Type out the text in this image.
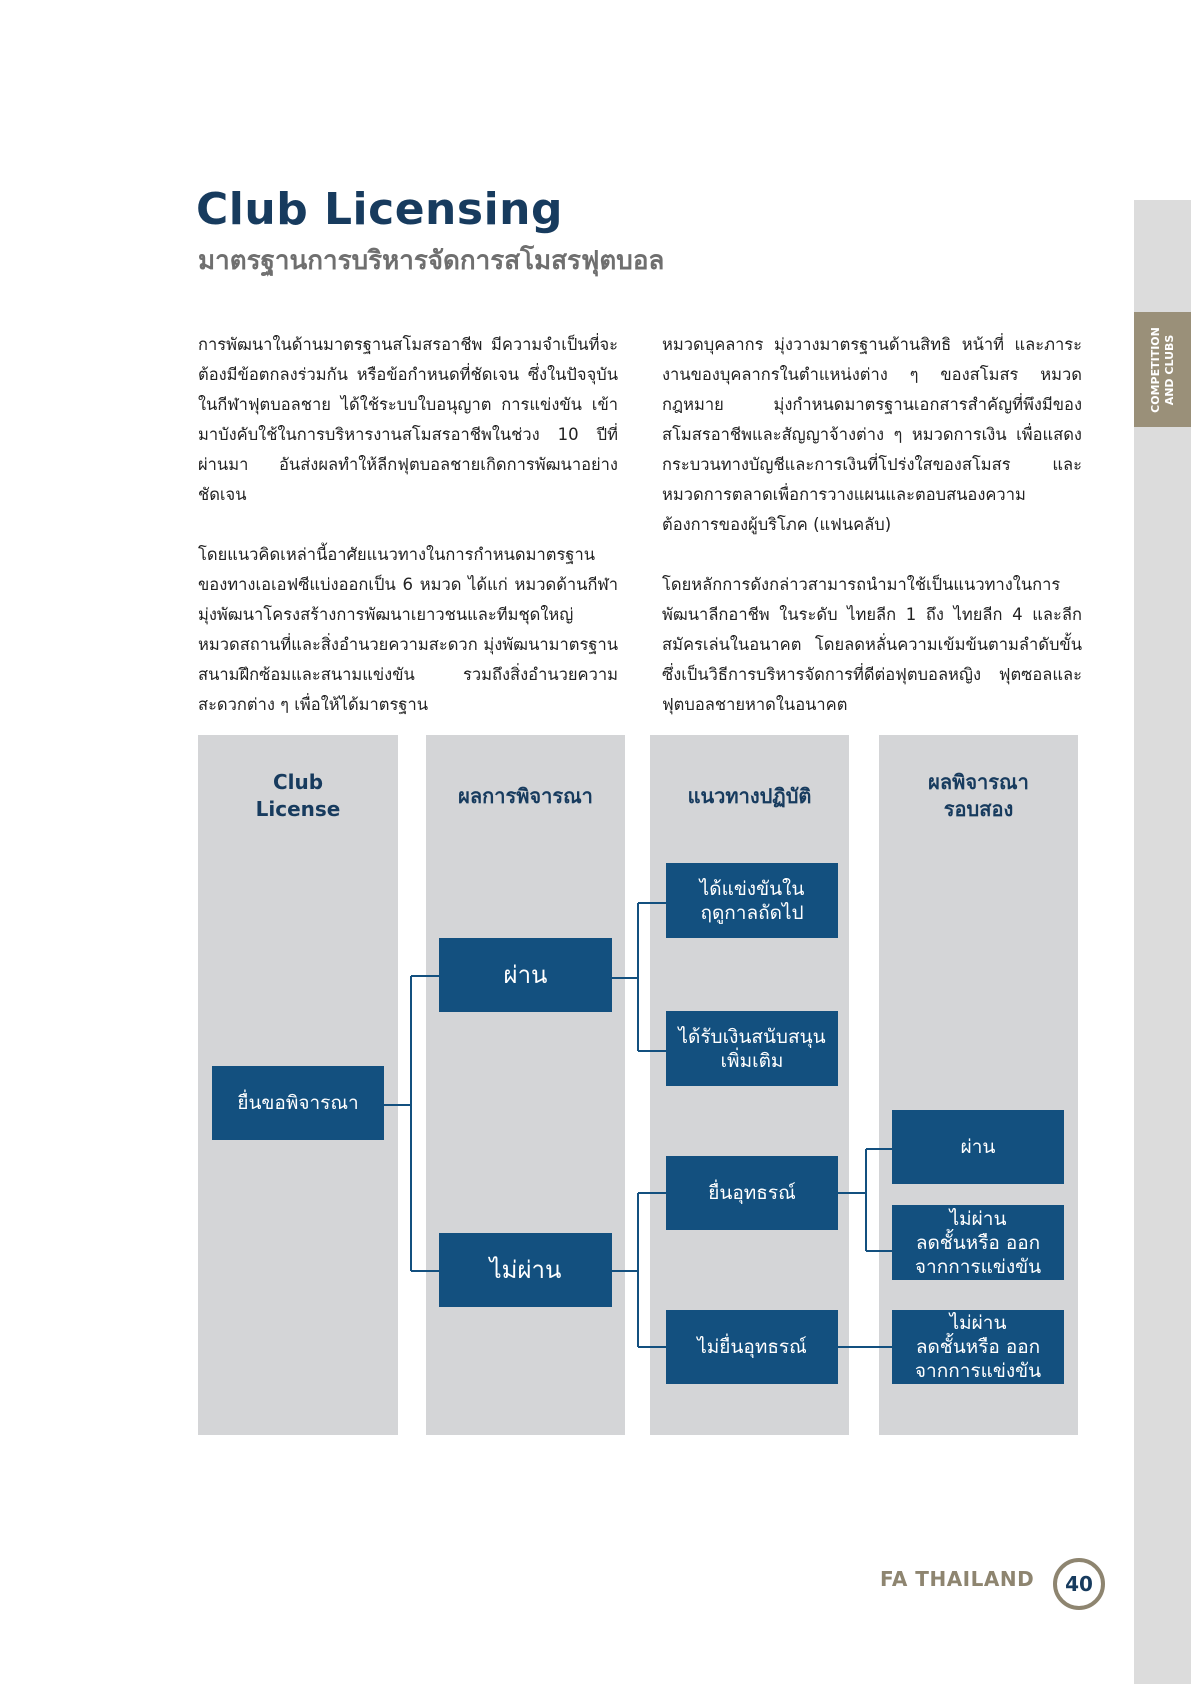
COMPETITION AND CLUBS
Club Licensing
มาตรฐานการบริหารจัดการสโมสรฟุตบอล

การพัฒนาในด้านมาตรฐานสโมสรอาชีพ มีความจำเป็นที่จะต้องมีข้อตกลงร่วมกัน หรือข้อกำหนดที่ชัดเจน ซึ่งในปัจจุบัน ในกีฬาฟุตบอลชาย ได้ใช้ระบบใบอนุญาต การแข่งขัน เข้ามาบังคับใช้ในการบริหารงานสโมสรอาชีพในช่วง 10 ปีที่ผ่านมา อันส่งผลทำให้ลีกฟุตบอลชายเกิดการพัฒนาอย่างชัดเจน

โดยแนวคิดเหล่านี้อาศัยแนวทางในการกำหนดมาตรฐานของทางเอเอฟซีแบ่งออกเป็น 6 หมวด ได้แก่ หมวดด้านกีฬา มุ่งพัฒนาโครงสร้างการพัฒนาเยาวชนและทีมชุดใหญ่ หมวดสถานที่และสิ่งอำนวยความสะดวก มุ่งพัฒนามาตรฐานสนามฝึกซ้อมและสนามแข่งขัน รวมถึงสิ่งอำนวยความสะดวกต่าง ๆ เพื่อให้ได้มาตรฐาน

หมวดบุคลากร มุ่งวางมาตรฐานด้านสิทธิ หน้าที่ และภาระงานของบุคลากรในตำแหน่งต่าง ๆ ของสโมสร หมวดกฎหมาย มุ่งกำหนดมาตรฐานเอกสารสำคัญที่พึงมีของสโมสรอาชีพและสัญญาจ้างต่าง ๆ หมวดการเงิน เพื่อแสดงกระบวนทางบัญชีและการเงินที่โปร่งใสของสโมสร และหมวดการตลาดเพื่อการวางแผนและตอบสนองความต้องการของผู้บริโภค (แฟนคลับ)

โดยหลักการดังกล่าวสามารถนำมาใช้เป็นแนวทางในการพัฒนาลีกอาชีพ ในระดับ ไทยลีก 1 ถึง ไทยลีก 4 และลีกสมัครเล่นในอนาคต โดยลดหลั่นความเข้มข้นตามลำดับขั้น ซึ่งเป็นวิธีการบริหารจัดการที่ดีต่อฟุตบอลหญิง ฟุตซอลและฟุตบอลชายหาดในอนาคต

Club
License
ผลการพิจารณา	แนวทางปฏิบัติ
ผลพิจารณา
รอบสอง
ยื่นขอพิจารณา
ผ่าน
ไม่ผ่าน
ได้แข่งขันใน
ฤดูกาลถัดไป
ได้รับเงินสนับสนุน
เพิ่มเติม
ยื่นอุทธรณ์
ไม่ยื่นอุทธรณ์
ผ่าน
ไม่ผ่าน
ลดชั้นหรือ ออก
จากการแข่งขัน
ไม่ผ่าน
ลดชั้นหรือ ออก
จากการแข่งขัน
FA THAILAND	40
